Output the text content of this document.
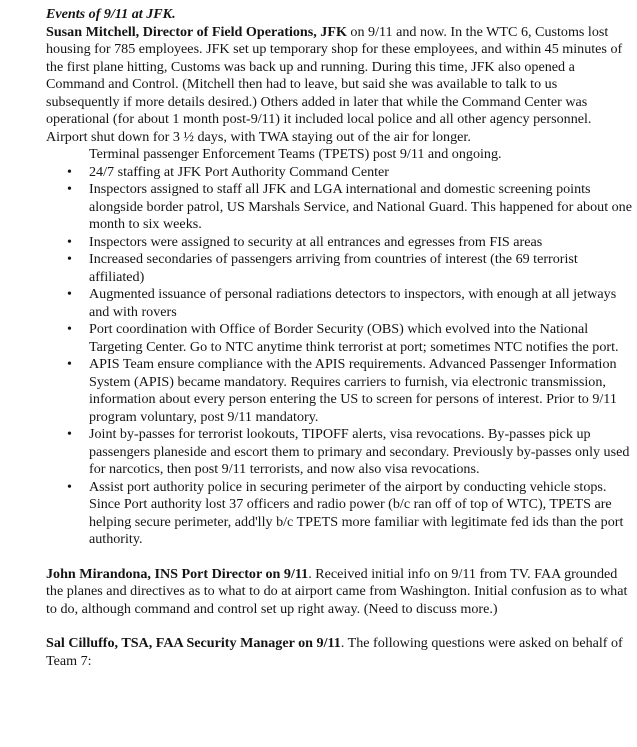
Events of 9/11 at JFK.

Susan Mitchell, Director of Field Operations, JFK on 9/11 and now. In the WTC 6, Customs lost housing for 785 employees. JFK set up temporary shop for these employees, and within 45 minutes of the first plane hitting, Customs was back up and running. During this time, JFK also opened a Command and Control. (Mitchell then had to leave, but said she was available to talk to us subsequently if more details desired.) Others added in later that while the Command Center was operational (for about 1 month post-9/11) it included local police and all other agency personnel. Airport shut down for 3 ½ days, with TWA staying out of the air for longer.

Terminal passenger Enforcement Teams (TPETS) post 9/11 and ongoing.

• 24/7 staffing at JFK Port Authority Command Center
• Inspectors assigned to staff all JFK and LGA international and domestic screening points alongside border patrol, US Marshals Service, and National Guard. This happened for about one month to six weeks.
• Inspectors were assigned to security at all entrances and egresses from FIS areas
• Increased secondaries of passengers arriving from countries of interest (the 69 terrorist affiliated)
• Augmented issuance of personal radiations detectors to inspectors, with enough at all jetways and with rovers
• Port coordination with Office of Border Security (OBS) which evolved into the National Targeting Center. Go to NTC anytime think terrorist at port; sometimes NTC notifies the port.
• APIS Team ensure compliance with the APIS requirements. Advanced Passenger Information System (APIS) became mandatory. Requires carriers to furnish, via electronic transmission, information about every person entering the US to screen for persons of interest. Prior to 9/11 program voluntary, post 9/11 mandatory.
• Joint by-passes for terrorist lookouts, TIPOFF alerts, visa revocations. By-passes pick up passengers planeside and escort them to primary and secondary. Previously by-passes only used for narcotics, then post 9/11 terrorists, and now also visa revocations.
• Assist port authority police in securing perimeter of the airport by conducting vehicle stops. Since Port authority lost 37 officers and radio power (b/c ran off of top of WTC), TPETS are helping secure perimeter, add'lly b/c TPETS more familiar with legitimate fed ids than the port authority.

John Mirandona, INS Port Director on 9/11. Received initial info on 9/11 from TV. FAA grounded the planes and directives as to what to do at airport came from Washington. Initial confusion as to what to do, although command and control set up right away. (Need to discuss more.)

Sal Cilluffo, TSA, FAA Security Manager on 9/11. The following questions were asked on behalf of Team 7:
